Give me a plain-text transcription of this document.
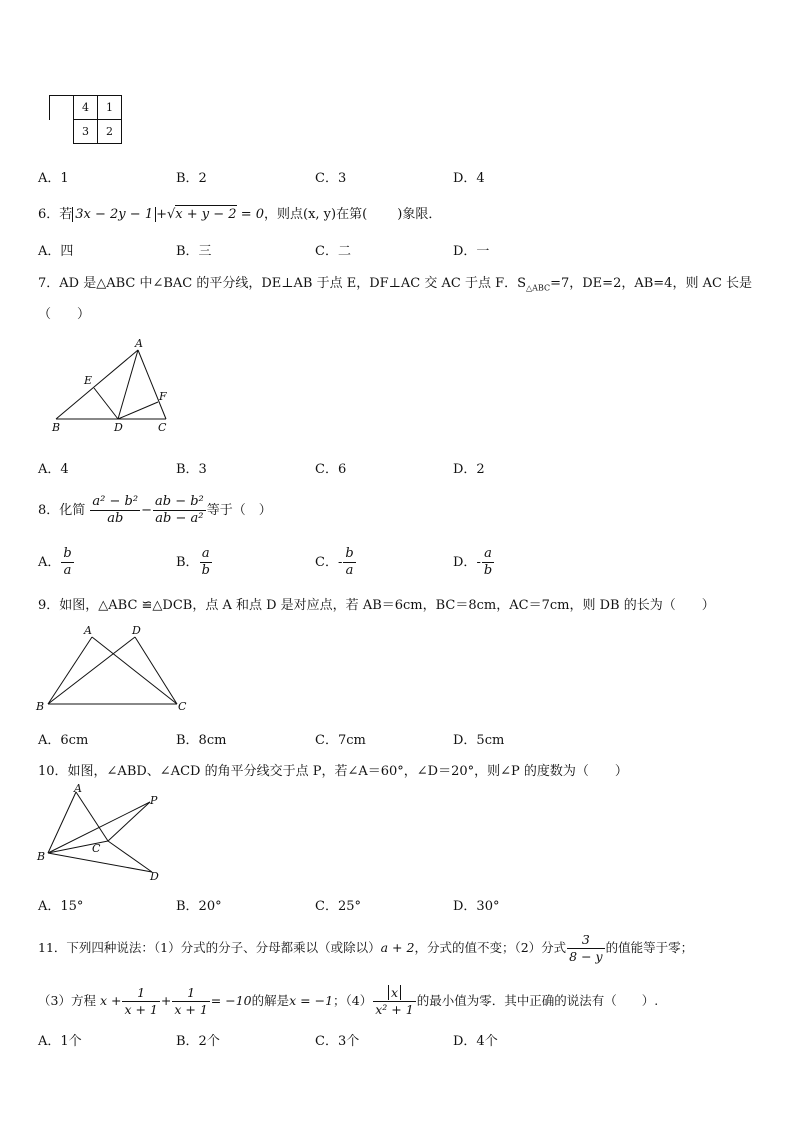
4	1
3	2
A．1	B．2	C．3	D．4
6．若 3x − 2y − 1 +√x + y − 2 = 0，则点(x, y)在第(　　 )象限．
A．四	B．三	C．二	D．一
7．AD 是△ABC 中∠BAC 的平分线，DE⊥AB 于点 E，DF⊥AC 交 AC 于点 F．$S_{\triangle ABC}=7$，DE=2，AB=4，则 AC 长是
（　　）
A
E
F
B	D	C
A．4	B．3	C．6	D．2
8．化简 $\frac{\text{a² − b²}}{ab} - \frac{\text{ab − b²}}{\text{ab − a²}}$ 等于（　）
A． $\frac{b}{a}$	B． $\frac{a}{b}$	C．- $\frac{b}{a}$	D．- $\frac{a}{b}$
9．如图，△ABC ≌△DCB，点 A 和点 D 是对应点，若 AB＝6cm，BC＝8cm，AC＝7cm，则 DB 的长为（　　）
A	D
B	C
A．6cm	B．8cm	C．7cm	D．5cm
10．如图，∠ABD、∠ACD 的角平分线交于点 P，若∠A＝60°，∠D＝20°，则∠P 的度数为（　　）
A
P
B
C
D
A．15°	B．20°	C．25°	D．30°
11．下列四种说法：（1）分式的分子、分母都乘以（或除以）a + 2，分式的值不变；（2）分式 $\frac{3}{8 - y}$ 的值能等于零；
（3）方程 $x + \frac{1}{x + 1} + \frac{1}{x + 1} = -10$的解是x = −1；$(4) \frac{x}{\text{x² + 1}}$ 的最小值为零．其中正确的说法有（　　）.
A．1个	B．2个	C．3个	D．4个
